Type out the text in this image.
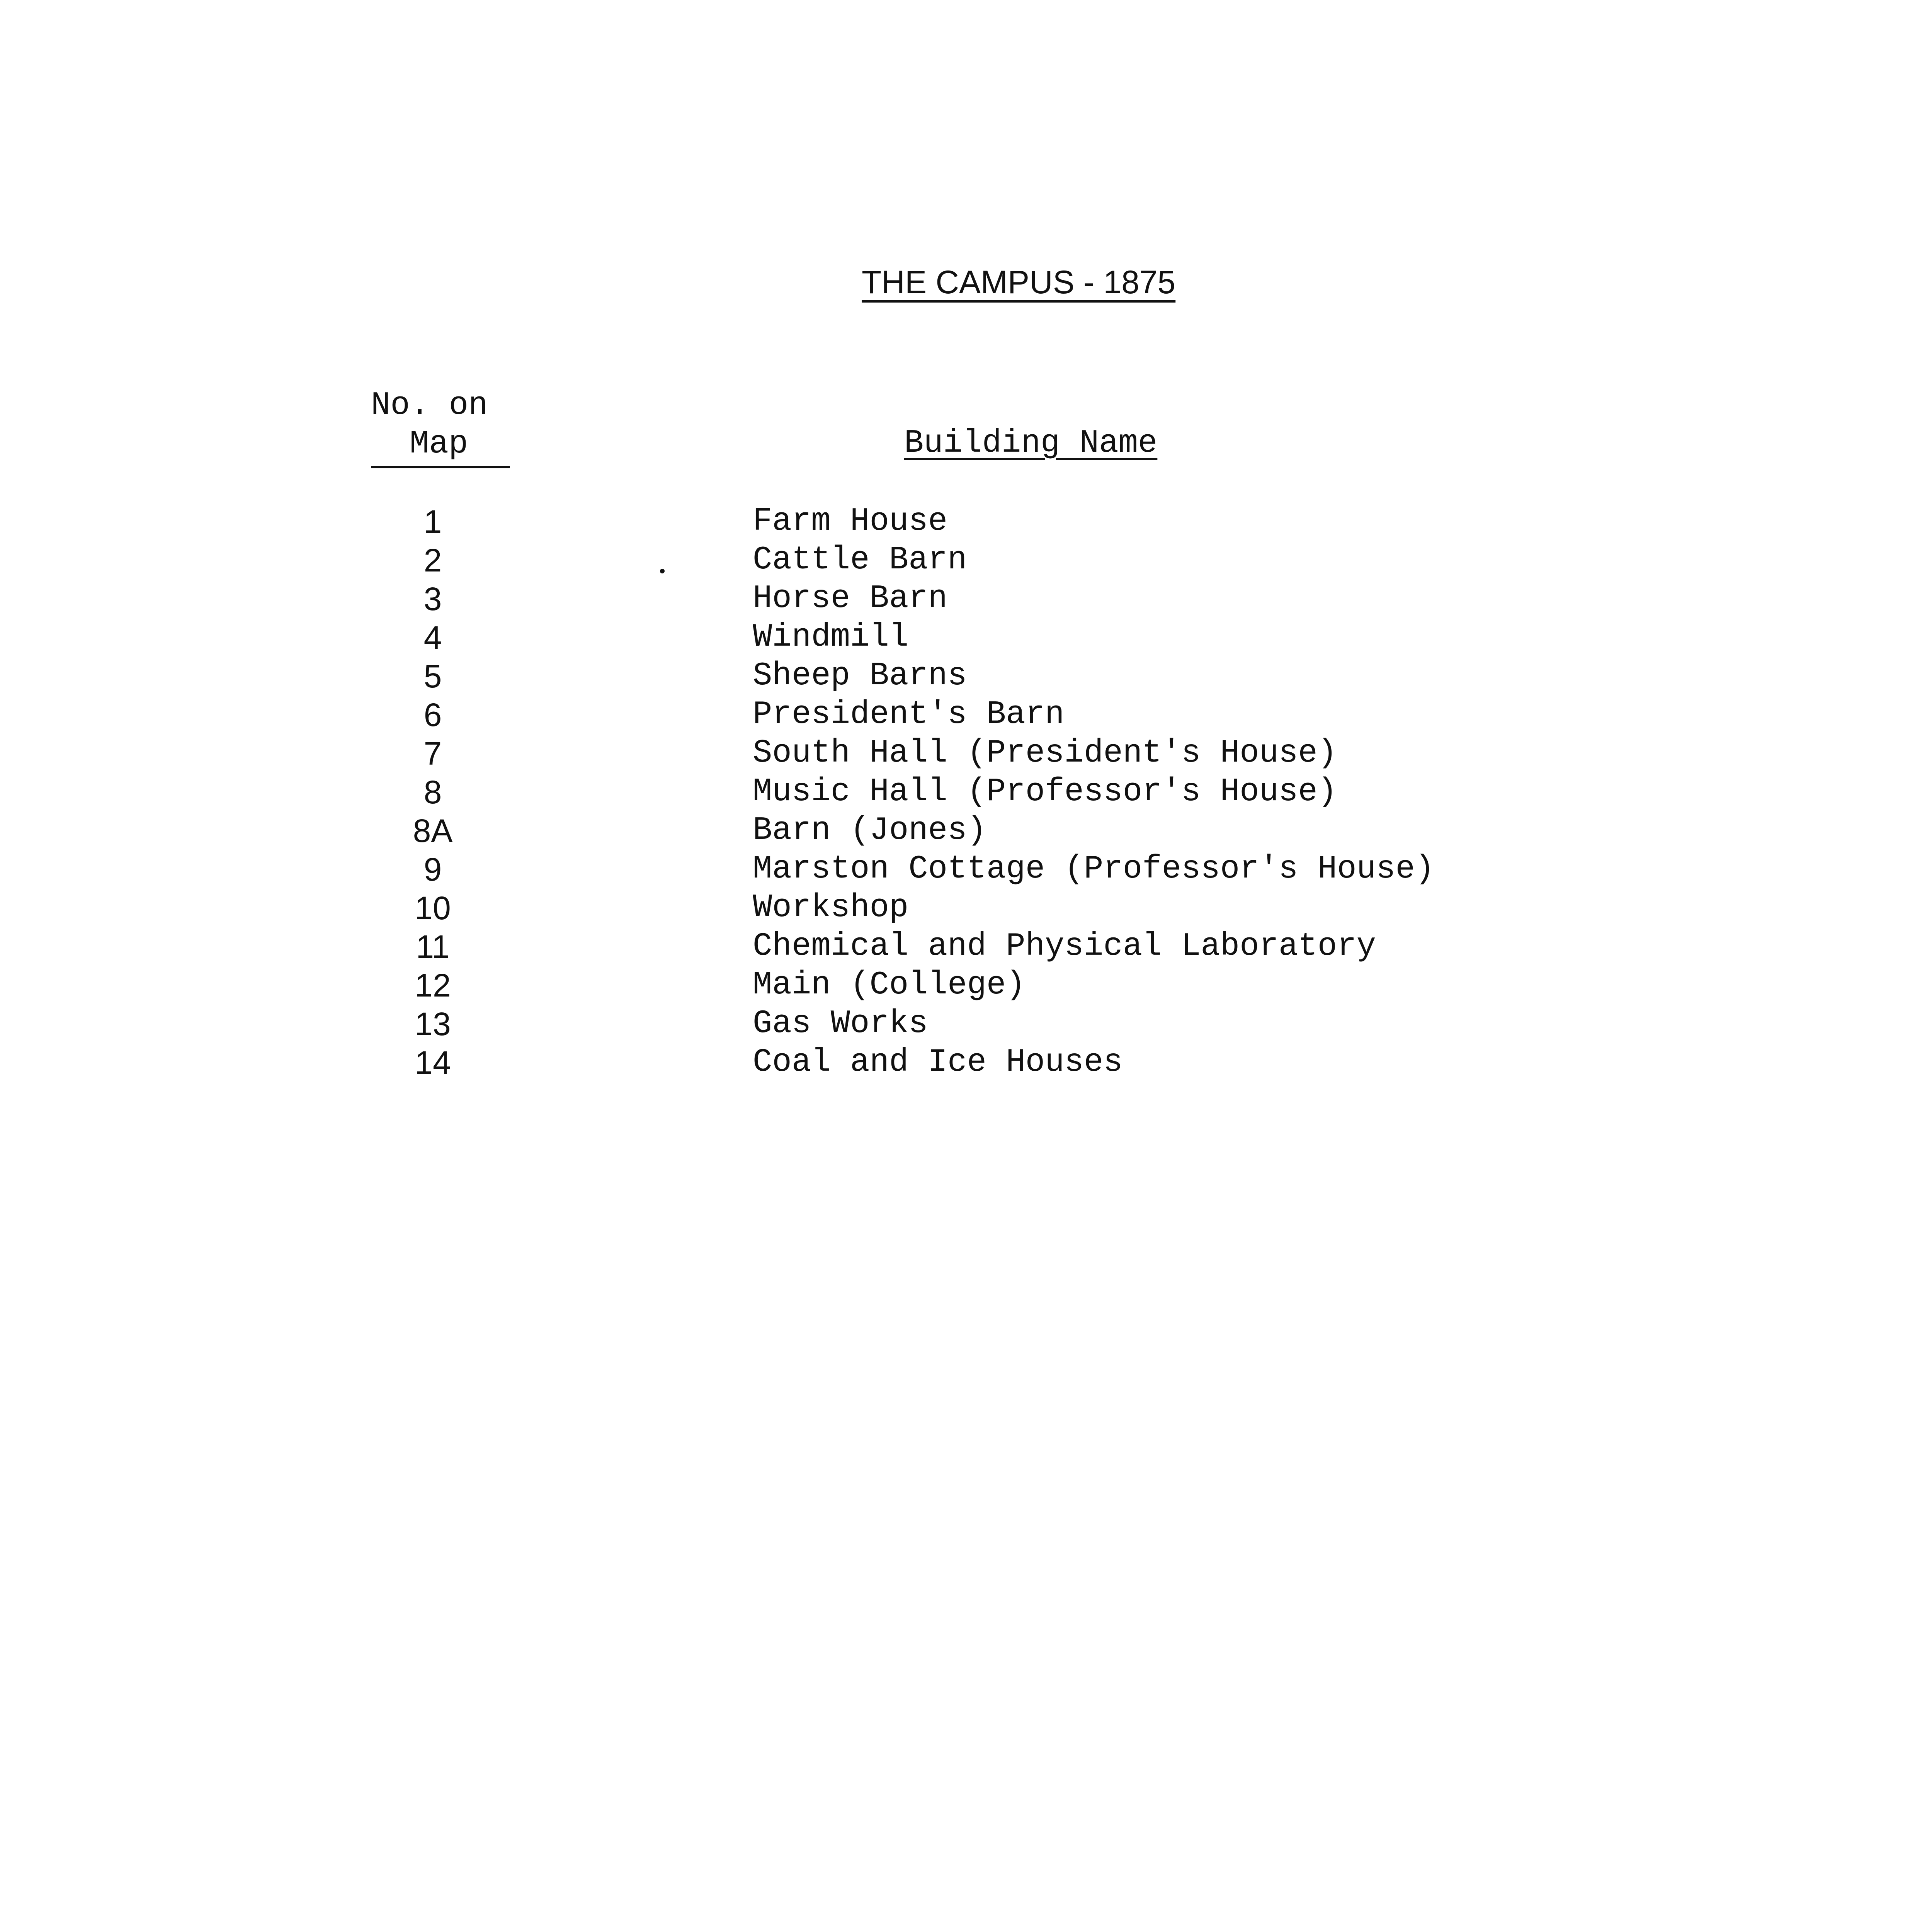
THE CAMPUS - 1875
No. on
Map	Building Name
1	Farm House
2	Cattle Barn
3	Horse Barn
4	Windmill
5	Sheep Barns
6	President's Barn
7	South Hall (President's House)
8	Music Hall (Professor's House)
8A	Barn (Jones)
9	Marston Cottage (Professor's House)
10	Workshop
11	Chemical and Physical Laboratory
12	Main (College)
13	Gas Works
14	Coal and Ice Houses
